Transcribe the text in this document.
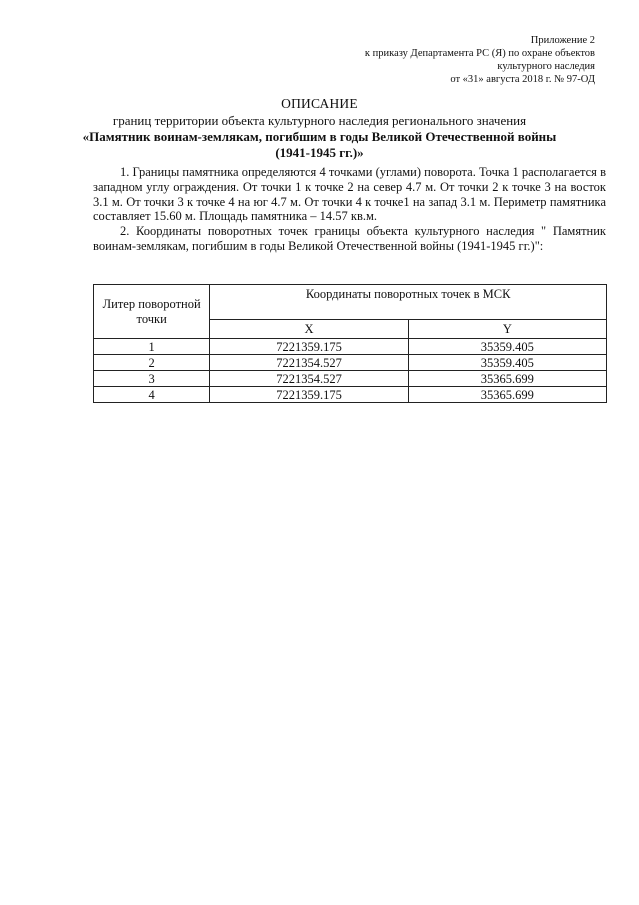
Приложение 2
к приказу Департамента РС (Я) по охране объектов
культурного наследия
от «31» августа 2018 г. № 97-ОД
ОПИСАНИЕ
границ территории объекта культурного наследия регионального значения
«Памятник воинам-землякам, погибшим в годы Великой Отечественной войны
(1941-1945 гг.)»

1. Границы памятника определяются 4 точками (углами) поворота. Точка 1 располагается в западном углу ограждения. От точки 1 к точке 2 на север 4.7 м. От точки 2 к точке 3 на восток 3.1 м. От точки 3 к точке 4 на юг 4.7 м. От точки 4 к точке1 на запад 3.1 м. Периметр памятника составляет 15.60 м. Площадь памятника – 14.57 кв.м.

2. Координаты поворотных точек границы объекта культурного наследия " Памятник воинам-землякам, погибшим в годы Великой Отечественной войны (1941-1945 гг.)":

Литер поворотной точки	Координаты поворотных точек в МСК	
	X	Y
1	7221359.175	35359.405
2	7221354.527	35359.405
3	7221354.527	35365.699
4	7221359.175	35365.699
